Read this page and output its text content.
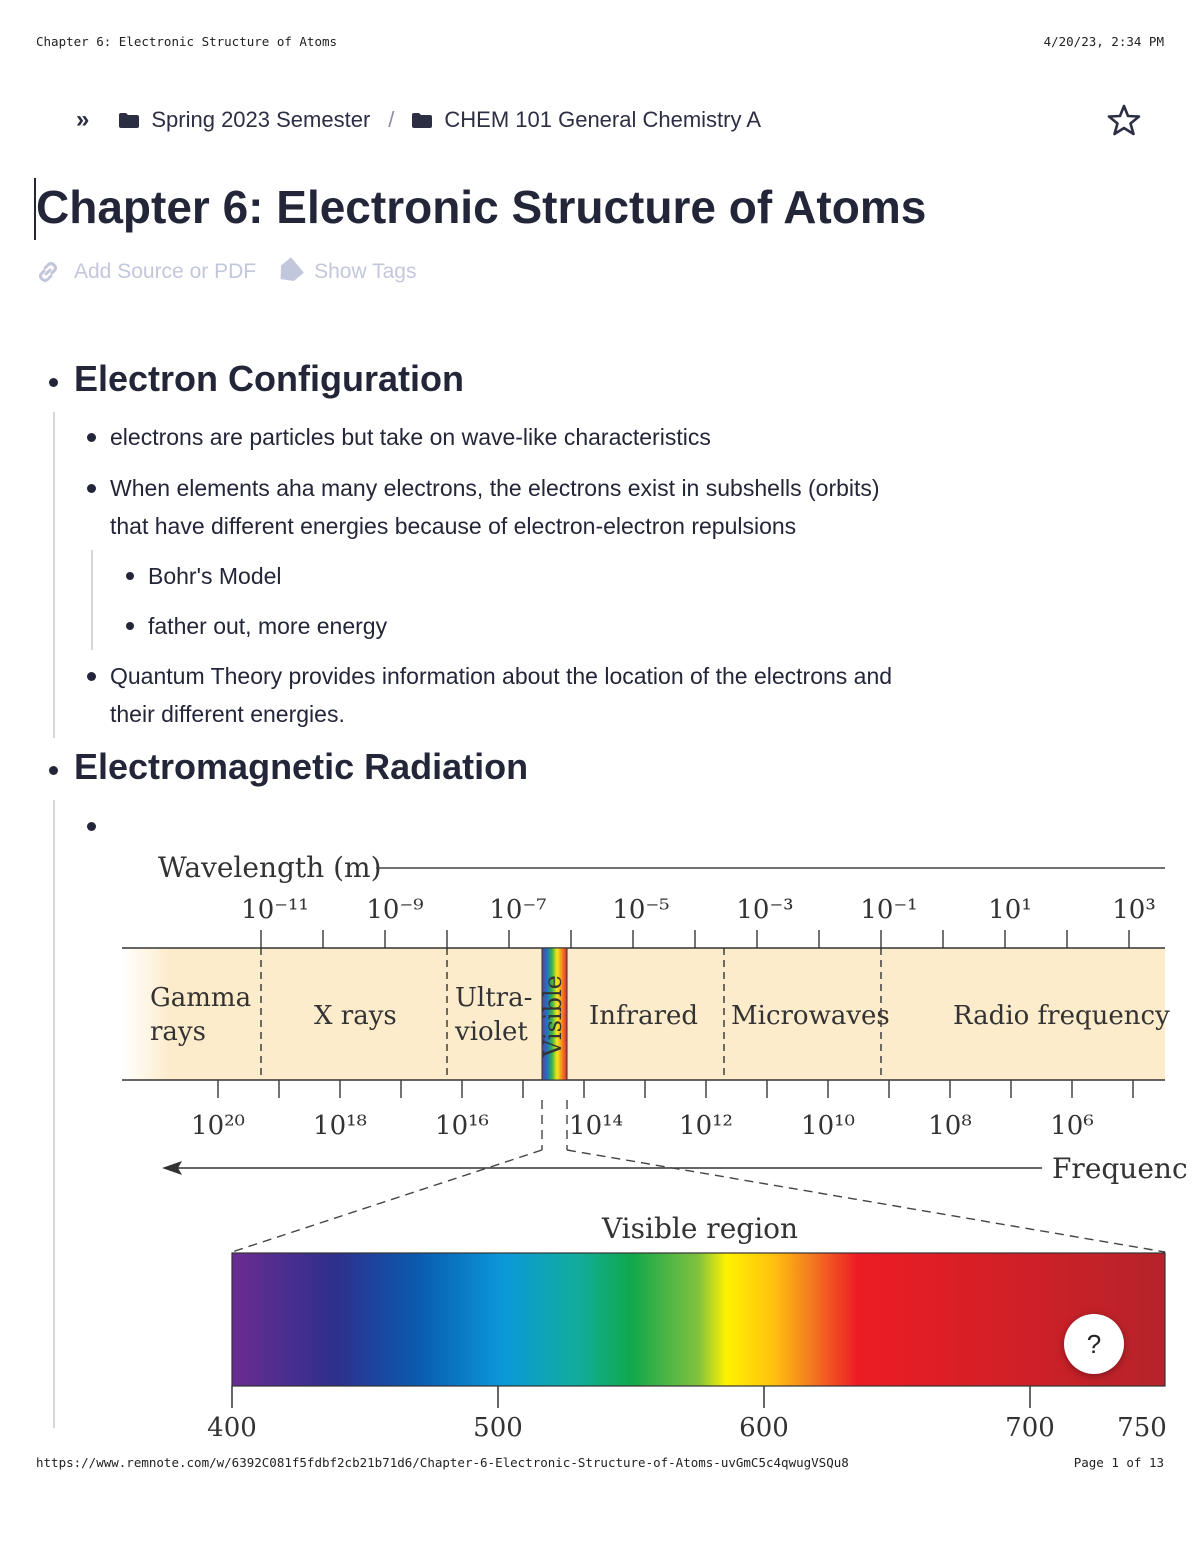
Chapter 6: Electronic Structure of Atoms	4/20/23, 2:34 PM
»	Spring 2023 Semester / CHEM 101 General Chemistry A
Chapter 6: Electronic Structure of Atoms
Add Source or PDF	Show Tags
Electron Configuration
electrons are particles but take on wave-like characteristics
When elements aha many electrons, the electrons exist in subshells (orbits)
that have different energies because of electron-electron repulsions
Bohr's Model
father out, more energy
Quantum Theory provides information about the location of the electrons and
their different energies.
Electromagnetic Radiation
Wavelength (m)
10⁻¹¹ 10⁻⁹	10⁻⁷	10⁻⁵	10⁻³	10⁻¹	10¹	10³
Gamma
rays
X rays
Ultra-
violet Visible Infrared Microwaves Radio frequency
10²⁰	10¹⁸	10¹⁶	10¹⁴ 10¹²	10¹⁰	10⁸	10⁶
Frequenc
Visible region
400	500	600	700 750
?
https://www.remnote.com/w/6392C081f5fdbf2cb21b71d6/Chapter-6-Electronic-Structure-of-Atoms-uvGmC5c4qwugVSQu8	Page 1 of 13
